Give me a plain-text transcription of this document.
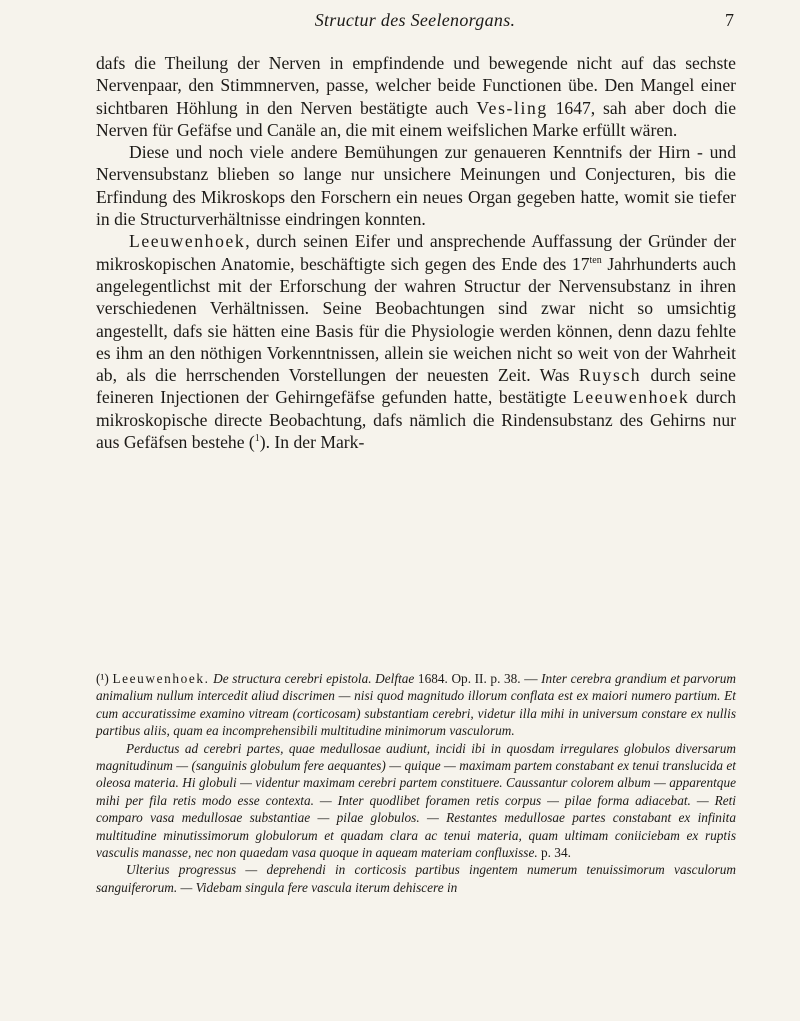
Structur des Seelenorgans.	7

dafs die Theilung der Nerven in empfindende und bewegende nicht auf das sechste Nervenpaar, den Stimmnerven, passe, welcher beide Functionen übe. Den Mangel einer sichtbaren Höhlung in den Nerven bestätigte auch Ves-ling 1647, sah aber doch die Nerven für Gefäfse und Canäle an, die mit einem weifslichen Marke erfüllt wären.

Diese und noch viele andere Bemühungen zur genaueren Kenntnifs der Hirn - und Nervensubstanz blieben so lange nur unsichere Meinungen und Conjecturen, bis die Erfindung des Mikroskops den Forschern ein neues Organ gegeben hatte, womit sie tiefer in die Structurverhältnisse eindringen konnten.

Leeuwenhoek, durch seinen Eifer und ansprechende Auffassung der Gründer der mikroskopischen Anatomie, beschäftigte sich gegen des Ende des $17^{ten}$ Jahrhunderts auch angelegentlichst mit der Erforschung der wahren Structur der Nervensubstanz in ihren verschiedenen Verhältnissen. Seine Beobachtungen sind zwar nicht so umsichtig angestellt, dafs sie hätten eine Basis für die Physiologie werden können, denn dazu fehlte es ihm an den nöthigen Vorkenntnissen, allein sie weichen nicht so weit von der Wahrheit ab, als die herrschenden Vorstellungen der neuesten Zeit. Was Ruysch durch seine feineren Injectionen der Gehirngefäfse gefunden hatte, bestätigte Leeuwenhoek durch mikroskopische directe Beobachtung, dafs nämlich die Rindensubstanz des Gehirns nur aus Gefäfsen bestehe ($^1$). In der Mark-

(¹) Leeuwenhoek. De structura cerebri epistola. Delftae 1684. Op. II. p. 38. — Inter cerebra grandium et parvorum animalium nullum intercedit aliud discrimen — nisi quod magnitudo illorum conflata est ex maiori numero partium. Et cum accuratissime examino vitream (corticosam) substantiam cerebri, videtur illa mihi in universum constare ex nullis partibus aliis, quam ea incomprehensibili multitudine minimorum vasculorum.

Perductus ad cerebri partes, quae medullosae audiunt, incidi ibi in quosdam irregulares globulos diversarum magnitudinum — (sanguinis globulum fere aequantes) — quique — maximam partem constabant ex tenui translucida et oleosa materia. Hi globuli — videntur maximam cerebri partem constituere. Caussantur colorem album — apparentque mihi per fila retis modo esse contexta. — Inter quodlibet foramen retis corpus — pilae forma adiacebat. — Reti comparo vasa medullosae substantiae — pilae globulos. — Restantes medullosae partes constabant ex infinita multitudine minutissimorum globulorum et quadam clara ac tenui materia, quam ultimam coniiciebam ex ruptis vasculis manasse, nec non quaedam vasa quoque in aqueam materiam confluxisse. p. 34.

Ulterius progressus — deprehendi in corticosis partibus ingentem numerum tenuissimorum vasculorum sanguiferorum. — Videbam singula fere vascula iterum dehiscere in
